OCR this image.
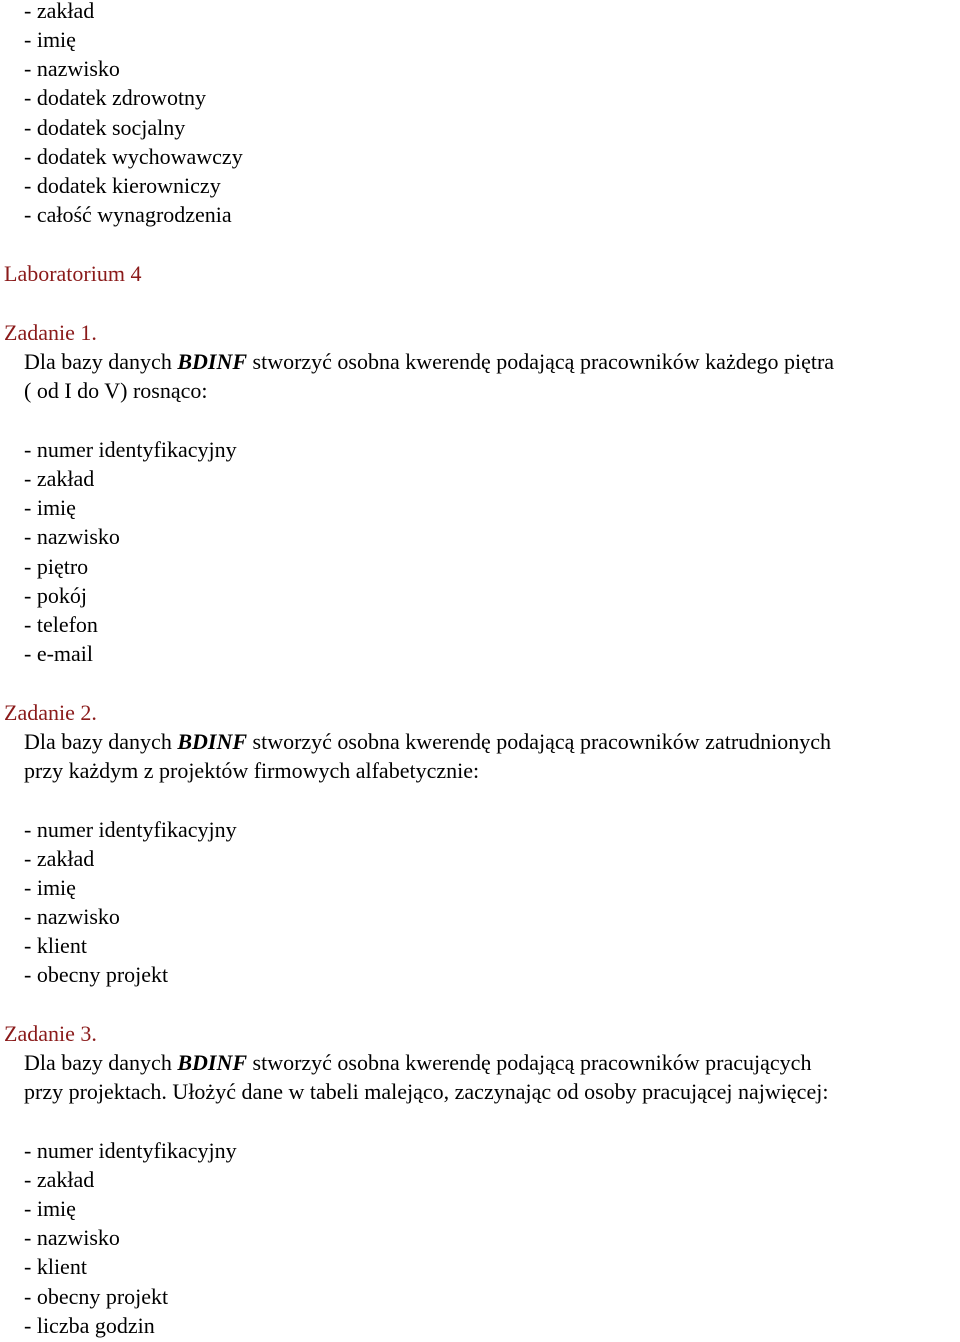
- zakład
- imię
- nazwisko
- dodatek zdrowotny
- dodatek socjalny
- dodatek wychowawczy
- dodatek kierowniczy
- całość wynagrodzenia
Laboratorium 4
Zadanie 1.
Dla bazy danych BDINF stworzyć osobna kwerendę podającą pracowników każdego piętra
( od I do V) rosnąco:
- numer identyfikacyjny
- zakład
- imię
- nazwisko
- piętro
- pokój
- telefon
- e-mail
Zadanie 2.
Dla bazy danych BDINF stworzyć osobna kwerendę podającą pracowników zatrudnionych
przy każdym z projektów firmowych alfabetycznie:
- numer identyfikacyjny
- zakład
- imię
- nazwisko
- klient
- obecny projekt
Zadanie 3.
Dla bazy danych BDINF stworzyć osobna kwerendę podającą pracowników pracujących
przy projektach. Ułożyć dane w tabeli malejąco, zaczynając od osoby pracującej najwięcej:
- numer identyfikacyjny
- zakład
- imię
- nazwisko
- klient
- obecny projekt
- liczba godzin
